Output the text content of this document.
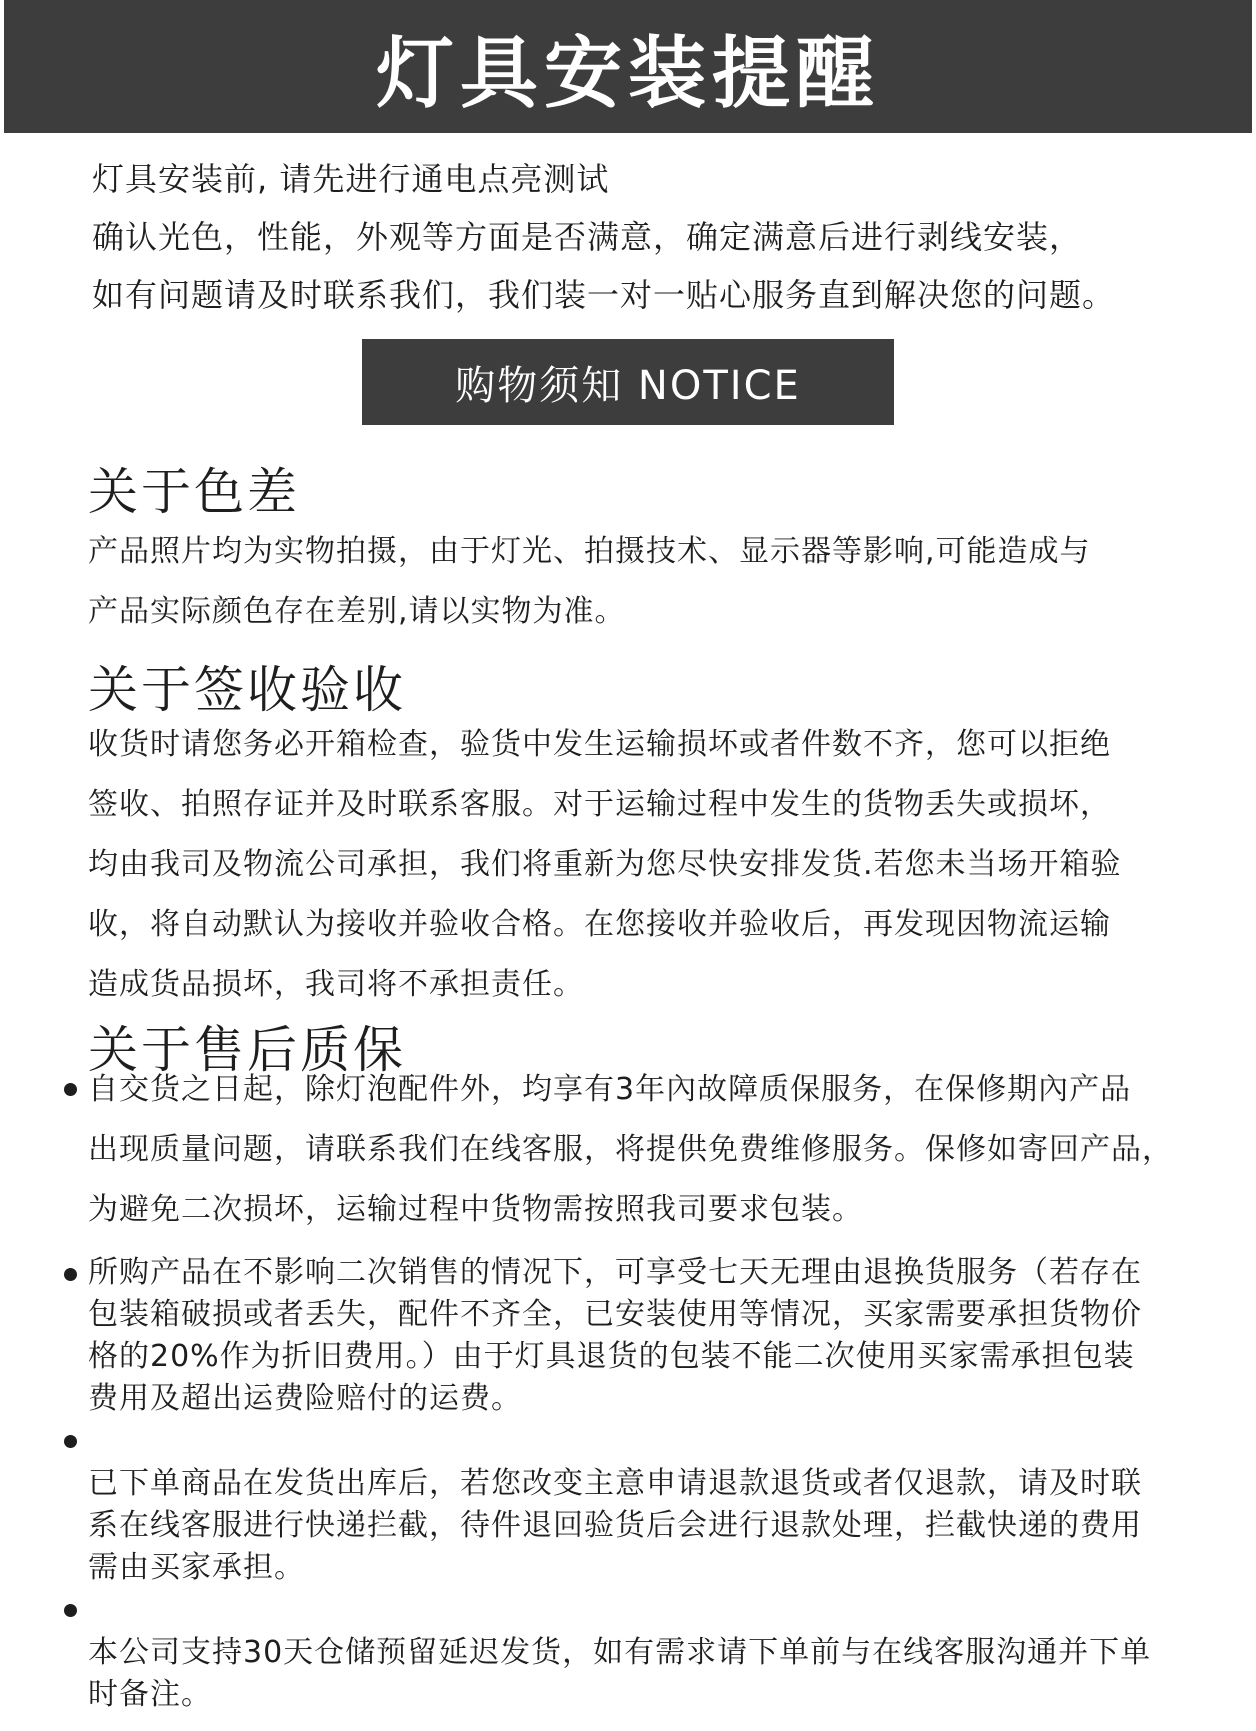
灯具安装提醒
灯具安装前, 请先进行通电点亮测试
确认光色，性能，外观等方面是否满意，确定满意后进行剥线安装，
如有问题请及时联系我们，我们装一对一贴心服务直到解决您的问题。
购物须知 NOTICE
关于色差
产品照片均为实物拍摄，由于灯光、拍摄技术、显示器等影响,可能造成与
产品实际颜色存在差别,请以实物为准。
关于签收验收
收货时请您务必开箱检查，验货中发生运输损坏或者件数不齐，您可以拒绝
签收、拍照存证并及时联系客服。对于运输过程中发生的货物丢失或损坏，
均由我司及物流公司承担，我们将重新为您尽快安排发货.若您未当场开箱验
收，将自动默认为接收并验收合格。在您接收并验收后，再发现因物流运输
造成货品损坏，我司将不承担责任。
关于售后质保
自交货之日起，除灯泡配件外，均享有3年內故障质保服务，在保修期內产品
出现质量问题，请联系我们在线客服，将提供免费维修服务。保修如寄回产品，
为避免二次损坏，运输过程中货物需按照我司要求包装。
所购产品在不影响二次销售的情况下，可享受七天无理由退换货服务（若存在
包装箱破损或者丢失，配件不齐全，已安装使用等情况，买家需要承担货物价
格的20%作为折旧费用。）由于灯具退货的包装不能二次使用买家需承担包装
费用及超出运费险赔付的运费。
已下单商品在发货出库后，若您改变主意申请退款退货或者仅退款，请及时联
系在线客服进行快递拦截，待件退回验货后会进行退款处理，拦截快递的费用
需由买家承担。
本公司支持30天仓储预留延迟发货，如有需求请下单前与在线客服沟通并下单
时备注。
